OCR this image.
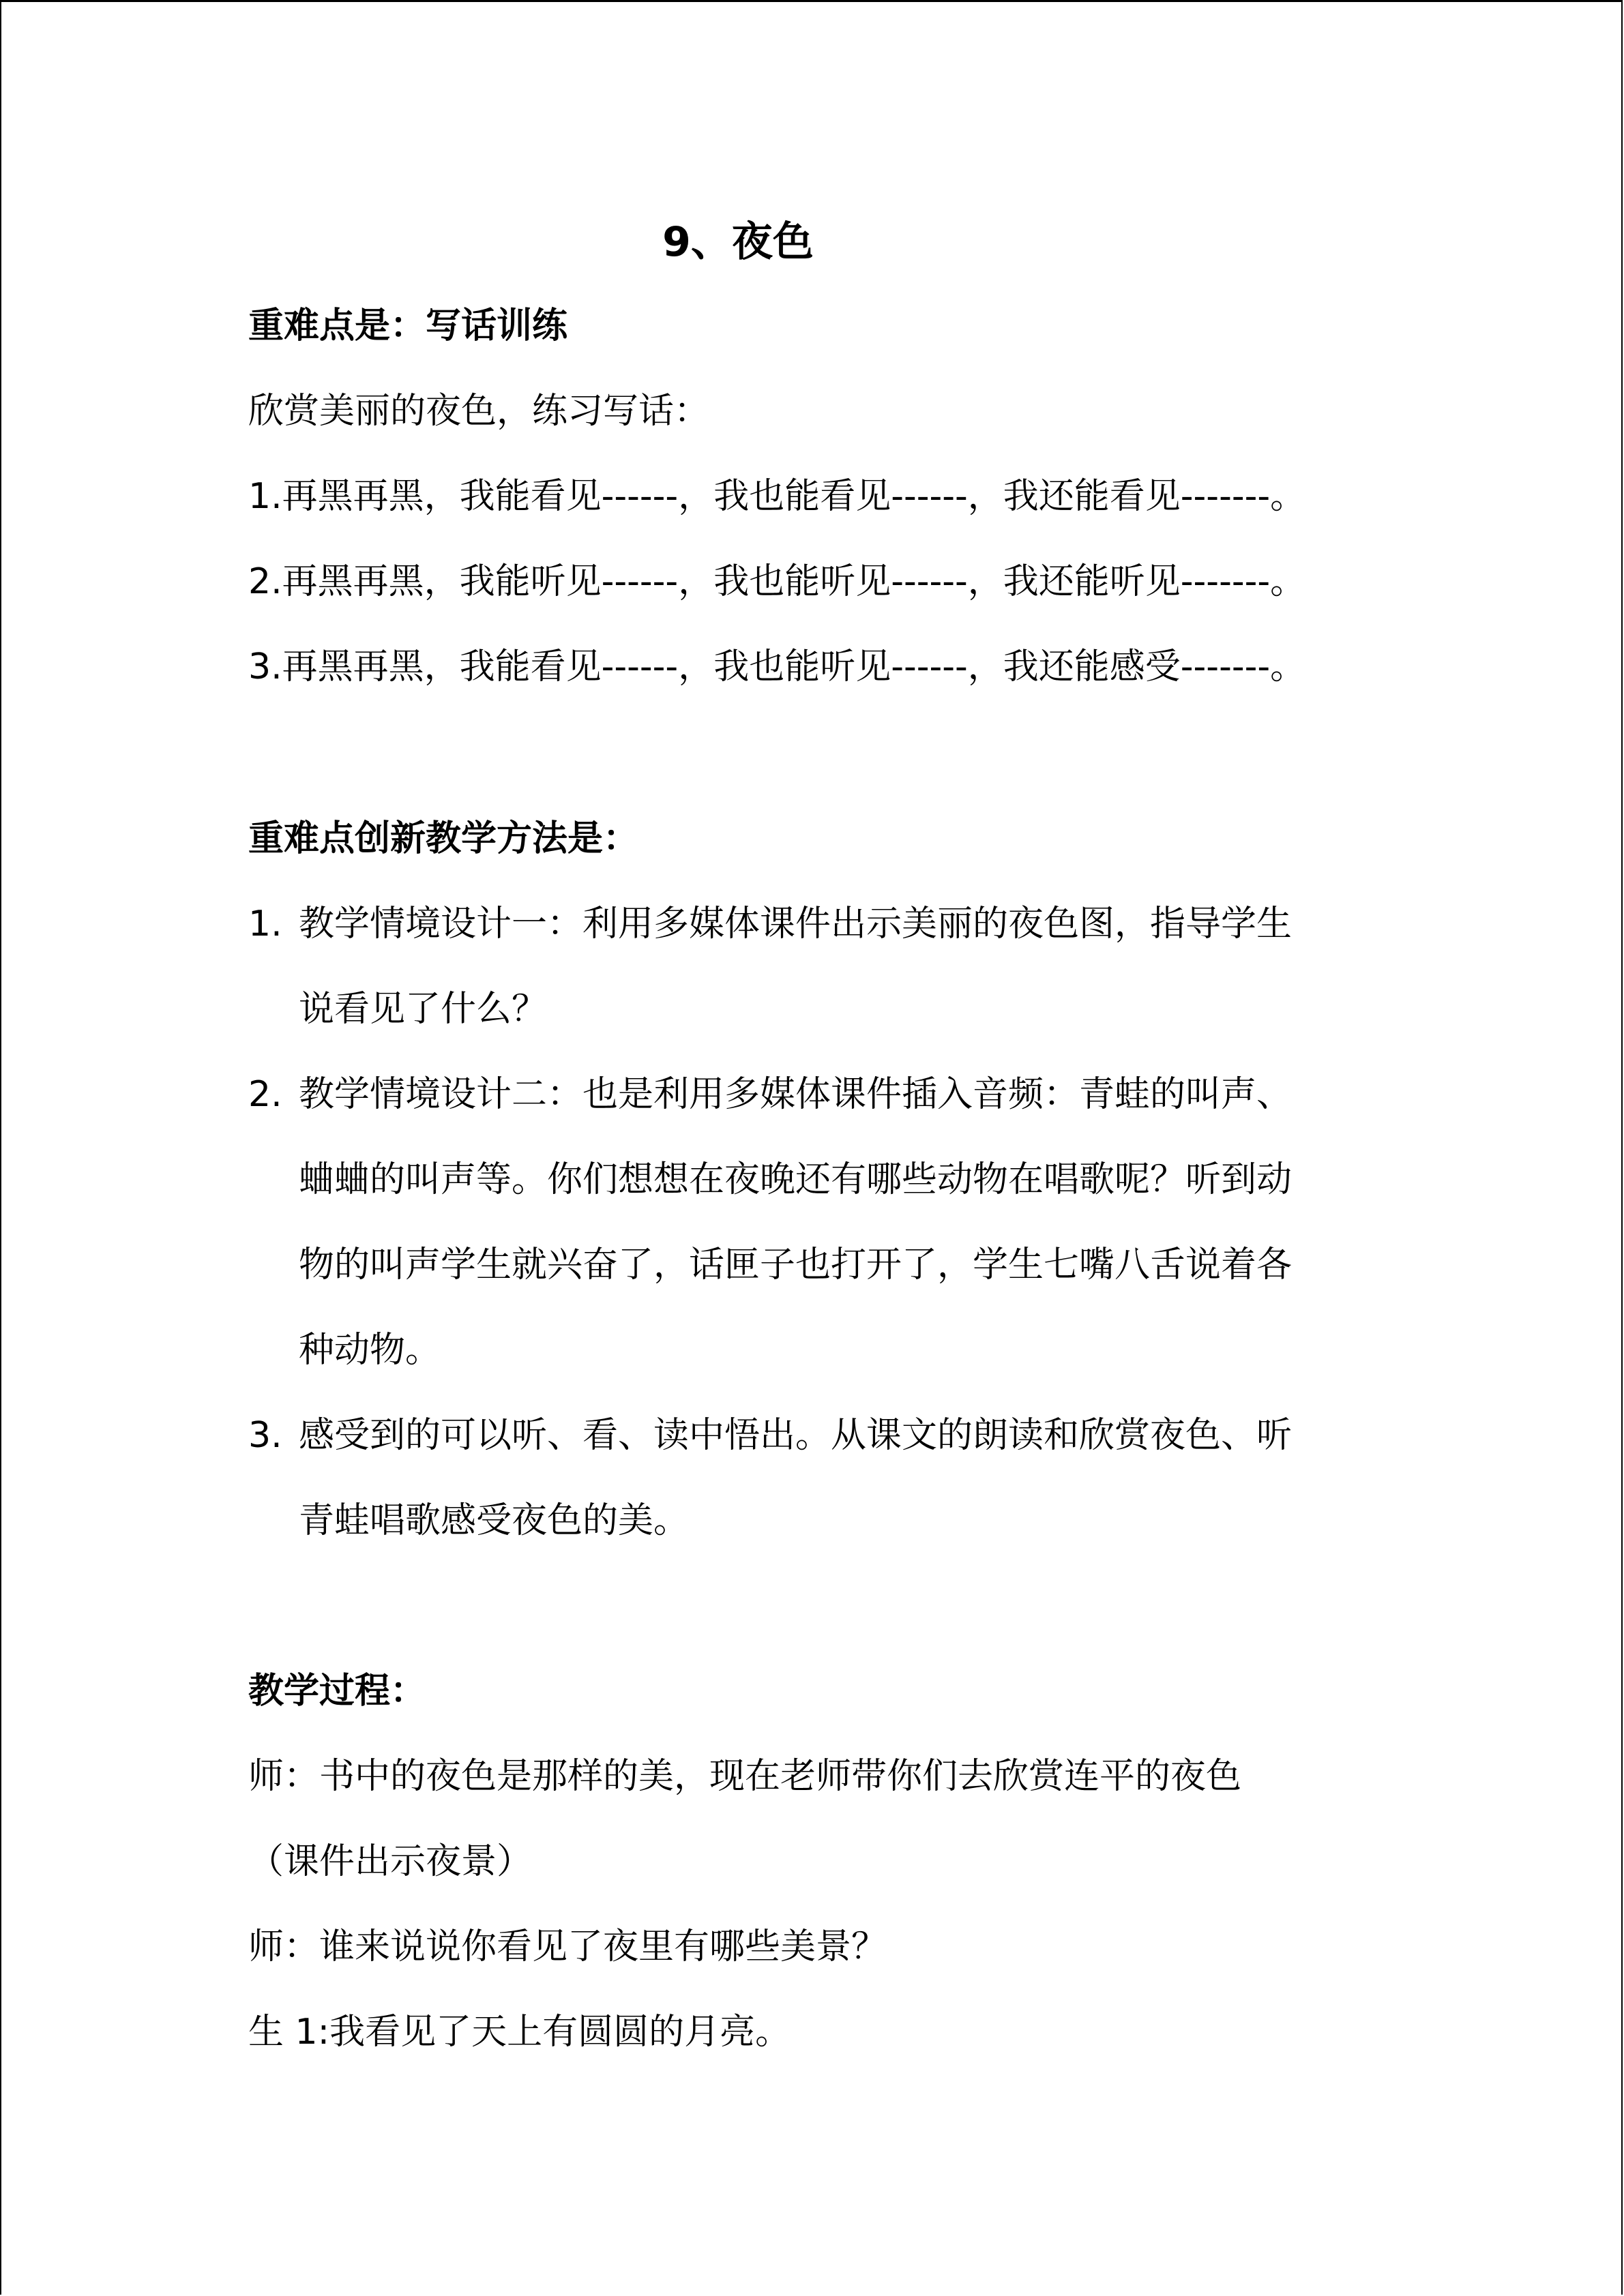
9、夜色
重难点是：写话训练
欣赏美丽的夜色，练习写话：
1.再黑再黑，我能看见------，我也能看见------，我还能看见-------。
2.再黑再黑，我能听见------，我也能听见------，我还能听见-------。
3.再黑再黑，我能看见------，我也能听见------，我还能感受-------。
重难点创新教学方法是：
1. 教学情境设计一：利用多媒体课件出示美丽的夜色图，指导学生
说看见了什么？
2. 教学情境设计二：也是利用多媒体课件插入音频：青蛙的叫声、
蛐蛐的叫声等。你们想想在夜晚还有哪些动物在唱歌呢？听到动
物的叫声学生就兴奋了，话匣子也打开了，学生七嘴八舌说着各
种动物。
3. 感受到的可以听、看、读中悟出。从课文的朗读和欣赏夜色、听
青蛙唱歌感受夜色的美。
教学过程：
师：书中的夜色是那样的美，现在老师带你们去欣赏连平的夜色
（课件出示夜景）
师：谁来说说你看见了夜里有哪些美景？
生 1:我看见了天上有圆圆的月亮。
